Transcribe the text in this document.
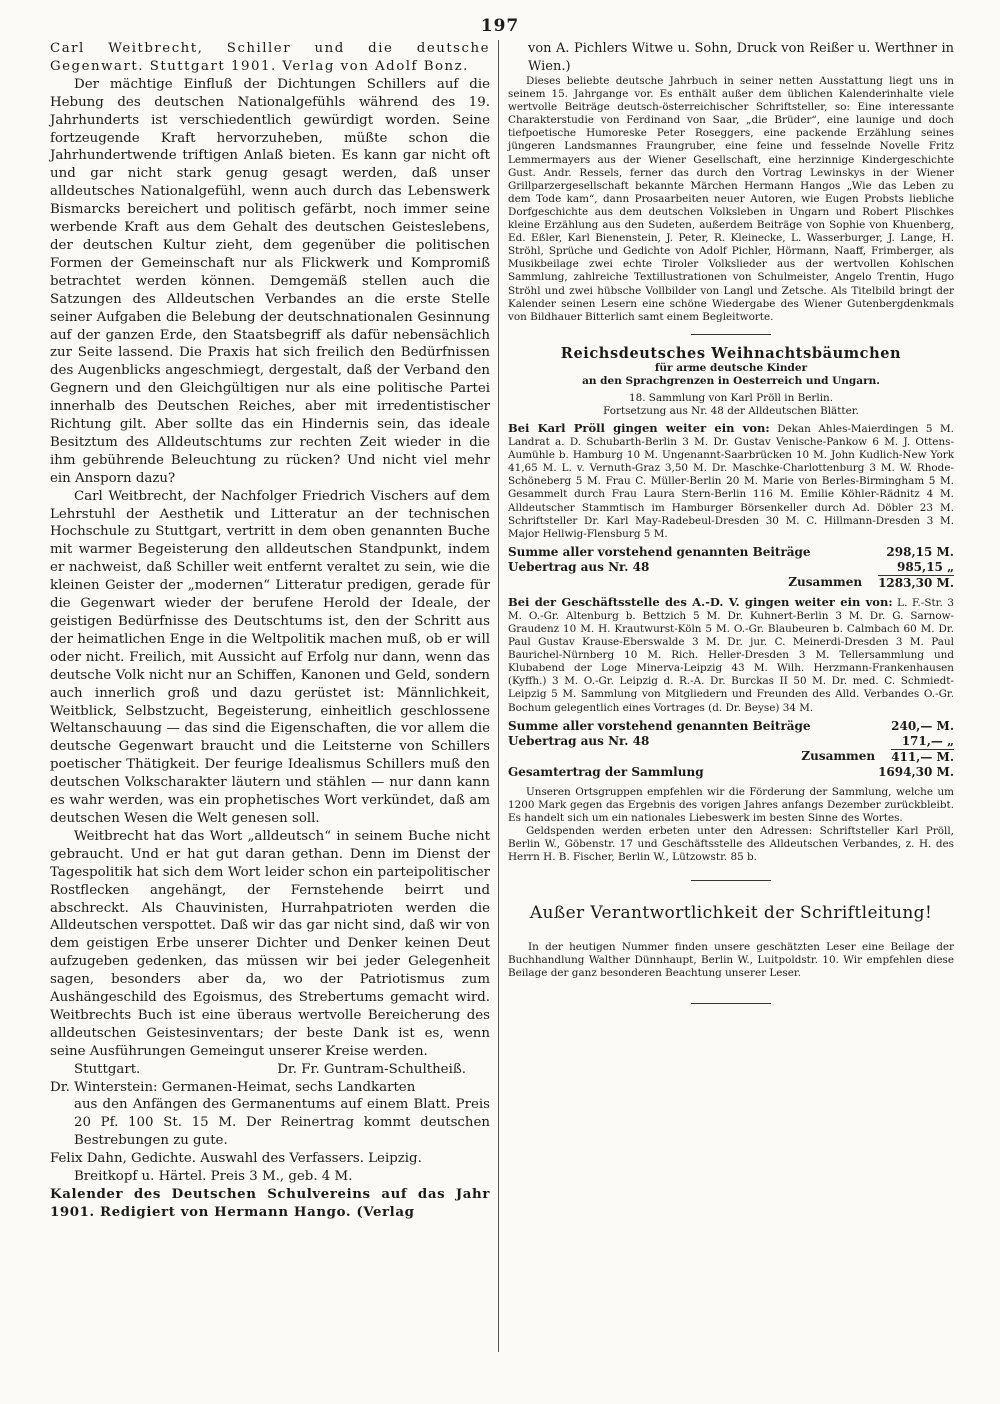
197
Carl Weitbrecht, Schiller und die deutsche Gegenwart. Stuttgart 1901. Verlag von Adolf Bonz.

Der mächtige Einfluß der Dichtungen Schillers auf die Hebung des deutschen Nationalgefühls während des 19. Jahrhunderts ist verschiedentlich gewürdigt worden. Seine fortzeugende Kraft hervorzuheben, müßte schon die Jahrhundertwende triftigen Anlaß bieten. Es kann gar nicht oft und gar nicht stark genug gesagt werden, daß unser alldeutsches Nationalgefühl, wenn auch durch das Lebenswerk Bismarcks bereichert und politisch gefärbt, noch immer seine werbende Kraft aus dem Gehalt des deutschen Geisteslebens, der deutschen Kultur zieht, dem gegenüber die politischen Formen der Gemeinschaft nur als Flickwerk und Kompromiß betrachtet werden können. Demgemäß stellen auch die Satzungen des Alldeutschen Verbandes an die erste Stelle seiner Aufgaben die Belebung der deutschnationalen Gesinnung auf der ganzen Erde, den Staatsbegriff als dafür nebensächlich zur Seite lassend. Die Praxis hat sich freilich den Bedürfnissen des Augenblicks angeschmiegt, dergestalt, daß der Verband den Gegnern und den Gleichgültigen nur als eine politische Partei innerhalb des Deutschen Reiches, aber mit irredentistischer Richtung gilt. Aber sollte das ein Hindernis sein, das ideale Besitztum des Alldeutschtums zur rechten Zeit wieder in die ihm gebührende Beleuchtung zu rücken? Und nicht viel mehr ein Ansporn dazu?

Carl Weitbrecht, der Nachfolger Friedrich Vischers auf dem Lehrstuhl der Aesthetik und Litteratur an der technischen Hochschule zu Stuttgart, vertritt in dem oben genannten Buche mit warmer Begeisterung den alldeutschen Standpunkt, indem er nachweist, daß Schiller weit entfernt veraltet zu sein, wie die kleinen Geister der „modernen“ Litteratur predigen, gerade für die Gegenwart wieder der berufene Herold der Ideale, der geistigen Bedürfnisse des Deutschtums ist, den der Schritt aus der heimatlichen Enge in die Weltpolitik machen muß, ob er will oder nicht. Freilich, mit Aussicht auf Erfolg nur dann, wenn das deutsche Volk nicht nur an Schiffen, Kanonen und Geld, sondern auch innerlich groß und dazu gerüstet ist: Männlichkeit, Weitblick, Selbstzucht, Begeisterung, einheitlich geschlossene Weltanschauung — das sind die Eigenschaften, die vor allem die deutsche Gegenwart braucht und die Leitsterne von Schillers poetischer Thätigkeit. Der feurige Idealismus Schillers muß den deutschen Volkscharakter läutern und stählen — nur dann kann es wahr werden, was ein prophetisches Wort verkündet, daß am deutschen Wesen die Welt genesen soll.

Weitbrecht hat das Wort „alldeutsch“ in seinem Buche nicht gebraucht. Und er hat gut daran gethan. Denn im Dienst der Tagespolitik hat sich dem Wort leider schon ein parteipolitischer Rostflecken angehängt, der Fernstehende beirrt und abschreckt. Als Chauvinisten, Hurrahpatrioten werden die Alldeutschen verspottet. Daß wir das gar nicht sind, daß wir von dem geistigen Erbe unserer Dichter und Denker keinen Deut aufzugeben gedenken, das müssen wir bei jeder Gelegenheit sagen, besonders aber da, wo der Patriotismus zum Aushängeschild des Egoismus, des Strebertums gemacht wird. Weitbrechts Buch ist eine überaus wertvolle Bereicherung des alldeutschen Geistesinventars; der beste Dank ist es, wenn seine Ausführungen Gemeingut unserer Kreise werden.

Stuttgart.	Dr. Fr. Guntram-Schultheiß.

Dr. Winterstein: Germanen-Heimat, sechs Landkarten

aus den Anfängen des Germanentums auf einem Blatt. Preis 20 Pf. 100 St. 15 M. Der Reinertrag kommt deutschen Bestrebungen zu gute.

Felix Dahn, Gedichte. Auswahl des Verfassers. Leipzig.

Breitkopf u. Härtel. Preis 3 M., geb. 4 M.

Kalender des Deutschen Schulvereins auf das Jahr 1901. Redigiert von Hermann Hango. (Verlag

von A. Pichlers Witwe u. Sohn, Druck von Reißer u. Werthner in Wien.)

Dieses beliebte deutsche Jahrbuch in seiner netten Ausstattung liegt uns in seinem 15. Jahrgange vor. Es enthält außer dem üblichen Kalenderinhalte viele wertvolle Beiträge deutsch-österreichischer Schriftsteller, so: Eine interessante Charakterstudie von Ferdinand von Saar, „die Brüder“, eine launige und doch tiefpoetische Humoreske Peter Roseggers, eine packende Erzählung seines jüngeren Landsmannes Fraungruber, eine feine und fesselnde Novelle Fritz Lemmermayers aus der Wiener Gesellschaft, eine herzinnige Kindergeschichte Gust. Andr. Ressels, ferner das durch den Vortrag Lewinskys in der Wiener Grillparzergesellschaft bekannte Märchen Hermann Hangos „Wie das Leben zu dem Tode kam“, dann Prosaarbeiten neuer Autoren, wie Eugen Probsts liebliche Dorfgeschichte aus dem deutschen Volksleben in Ungarn und Robert Plischkes kleine Erzählung aus den Sudeten, außerdem Beiträge von Sophie von Khuenberg, Ed. Eßler, Karl Bienenstein, J. Peter, R. Kleinecke, L. Wasserburger, J. Lange, H. Ströhl, Sprüche und Gedichte von Adolf Pichler, Hörmann, Naaff, Frimberger, als Musikbeilage zwei echte Tiroler Volkslieder aus der wertvollen Kohlschen Sammlung, zahlreiche Textillustrationen von Schulmeister, Angelo Trentin, Hugo Ströhl und zwei hübsche Vollbilder von Langl und Zetsche. Als Titelbild bringt der Kalender seinen Lesern eine schöne Wiedergabe des Wiener Gutenbergdenkmals von Bildhauer Bitterlich samt einem Begleitworte.

Reichsdeutsches Weihnachtsbäumchen
für arme deutsche Kinder
an den Sprachgrenzen in Oesterreich und Ungarn.
18. Sammlung von Karl Pröll in Berlin.
Fortsetzung aus Nr. 48 der Alldeutschen Blätter.

Bei Karl Pröll gingen weiter ein von: Dekan Ahles-Maierdingen 5 M. Landrat a. D. Schubarth-Berlin 3 M. Dr. Gustav Venische-Pankow 6 M. J. Ottens-Aumühle b. Hamburg 10 M. Ungenannt-Saarbrücken 10 M. John Kudlich-New York 41,65 M. L. v. Vernuth-Graz 3,50 M. Dr. Maschke-Charlottenburg 3 M. W. Rhode-Schöneberg 5 M. Frau C. Müller-Berlin 20 M. Marie von Berles-Birmingham 5 M. Gesammelt durch Frau Laura Stern-Berlin 116 M. Emilie Köhler-Rädnitz 4 M. Alldeutscher Stammtisch im Hamburger Börsenkeller durch Ad. Döbler 23 M. Schriftsteller Dr. Karl May-Radebeul-Dresden 30 M. C. Hillmann-Dresden 3 M. Major Hellwig-Flensburg 5 M.

Summe aller vorstehend genannten Beiträge	298,15 M.
Uebertrag aus Nr. 48	985,15 „
Zusammen 1283,30 M.

Bei der Geschäftsstelle des A.-D. V. gingen weiter ein von: L. F.-Str. 3 M. O.-Gr. Altenburg b. Bettzich 5 M. Dr. Kuhnert-Berlin 3 M. Dr. G. Sarnow-Graudenz 10 M. H. Krautwurst-Köln 5 M. O.-Gr. Blaubeuren b. Calmbach 60 M. Dr. Paul Gustav Krause-Eberswalde 3 M. Dr. jur. C. Meinerdi-Dresden 3 M. Paul Baurichel-Nürnberg 10 M. Rich. Heller-Dresden 3 M. Tellersammlung und Klubabend der Loge Minerva-Leipzig 43 M. Wilh. Herzmann-Frankenhausen (Kyffh.) 3 M. O.-Gr. Leipzig d. R.-A. Dr. Burckas II 50 M. Dr. med. C. Schmiedt-Leipzig 5 M. Sammlung von Mitgliedern und Freunden des Alld. Verbandes O.-Gr. Bochum gelegentlich eines Vortrages (d. Dr. Beyse) 34 M.

Summe aller vorstehend genannten Beiträge	240,— M.
Uebertrag aus Nr. 48	171,— „
Zusammen 411,— M.
Gesamtertrag der Sammlung	1694,30 M.

Unseren Ortsgruppen empfehlen wir die Förderung der Sammlung, welche um 1200 Mark gegen das Ergebnis des vorigen Jahres anfangs Dezember zurückbleibt. Es handelt sich um ein nationales Liebeswerk im besten Sinne des Wortes.

Geldspenden werden erbeten unter den Adressen: Schriftsteller Karl Pröll, Berlin W., Göbenstr. 17 und Geschäftsstelle des Alldeutschen Verbandes, z. H. des Herrn H. B. Fischer, Berlin W., Lützowstr. 85 b.

Außer Verantwortlichkeit der Schriftleitung!

In der heutigen Nummer finden unsere geschätzten Leser eine Beilage der Buchhandlung Walther Dünnhaupt, Berlin W., Luitpoldstr. 10. Wir empfehlen diese Beilage der ganz besonderen Beachtung unserer Leser.
